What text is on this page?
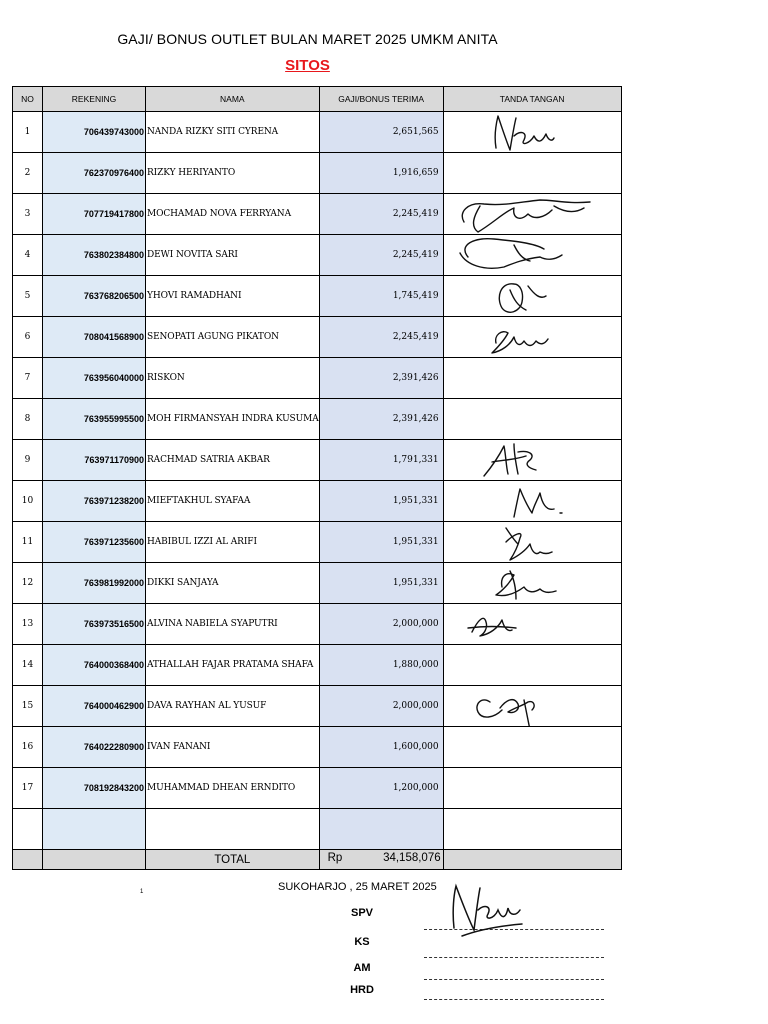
GAJI/ BONUS OUTLET BULAN MARET 2025 UMKM ANITA
SITOS
NO	REKENING	NAMA	GAJI/BONUS TERIMA	TANDA TANGAN
1	706439743000	NANDA RIZKY SITI CYRENA	2,651,565	

2	762370976400	RIZKY HERIYANTO	1,916,659	
3	707719417800	MOCHAMAD NOVA FERRYANA	2,245,419	

4	763802384800	DEWI NOVITA SARI	2,245,419	

5	763768206500	YHOVI RAMADHANI	1,745,419	

6	708041568900	SENOPATI AGUNG PIKATON	2,245,419	

7	763956040000	RISKON	2,391,426	
8	763955995500	MOH FIRMANSYAH INDRA KUSUMA	2,391,426	
9	763971170900	RACHMAD SATRIA AKBAR	1,791,331	

10	763971238200	MIEFTAKHUL SYAFAA	1,951,331	

11	763971235600	HABIBUL IZZI AL ARIFI	1,951,331	

12	763981992000	DIKKI SANJAYA	1,951,331	

13	763973516500	ALVINA NABIELA SYAPUTRI	2,000,000	

14	764000368400	ATHALLAH FAJAR PRATAMA SHAFA	1,880,000	
15	764000462900	DAVA RAYHAN AL YUSUF	2,000,000	

16	764022280900	IVAN FANANI	1,600,000	
17	708192843200	MUHAMMAD DHEAN ERNDITO	1,200,000	

		TOTAL	Rp 34,158,076	

1	SUKOHARJO , 25 MARET 2025
SPV
KS
AM
HRD
